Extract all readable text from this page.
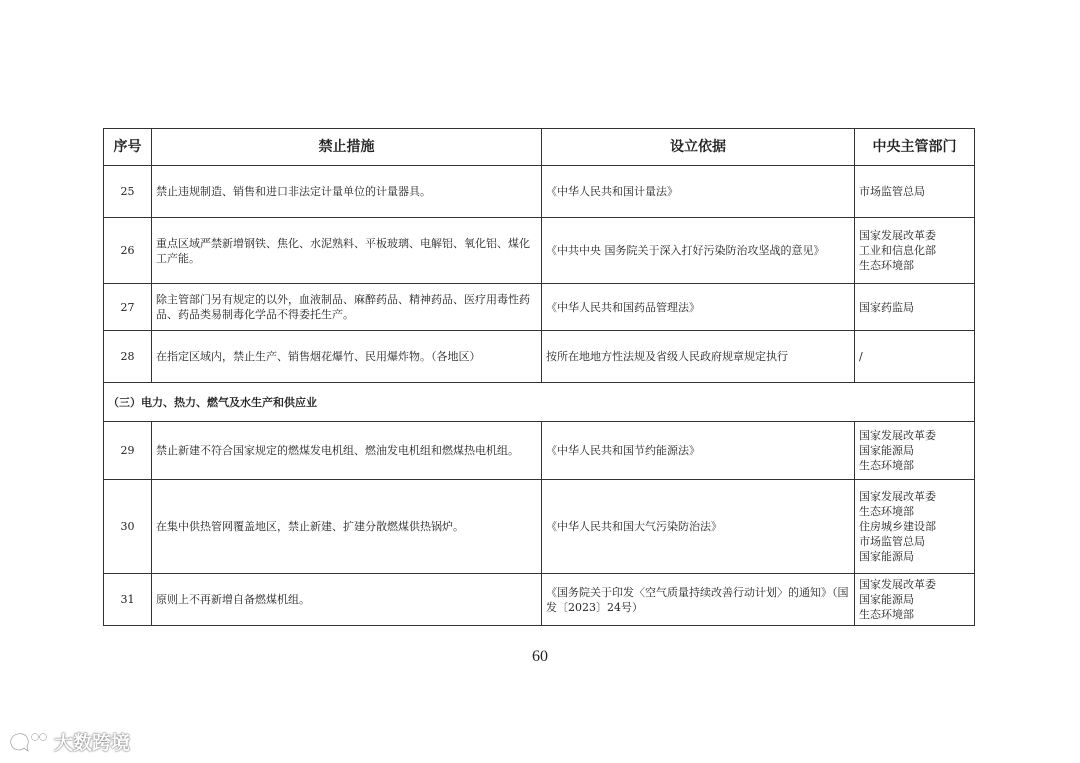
序号	禁止措施	设立依据	中央主管部门
25	禁止违规制造、销售和进口非法定计量单位的计量器具。	《中华人民共和国计量法》	市场监管总局

26	重点区域严禁新增钢铁、焦化、水泥熟料、平板玻璃、电解铝、氧化铝、煤化工产能。	《中共中央 国务院关于深入打好污染防治攻坚战的意见》	国家发展改革委
工业和信息化部
生态环境部

27	除主管部门另有规定的以外，血液制品、麻醉药品、精神药品、医疗用毒性药品、药品类易制毒化学品不得委托生产。	《中华人民共和国药品管理法》	国家药监局

28	在指定区域内，禁止生产、销售烟花爆竹、民用爆炸物。（各地区）	按所在地地方性法规及省级人民政府规章规定执行	/

（三）电力、热力、燃气及水生产和供应业			
29	禁止新建不符合国家规定的燃煤发电机组、燃油发电机组和燃煤热电机组。	《中华人民共和国节约能源法》	国家发展改革委
国家能源局
生态环境部

30	在集中供热管网覆盖地区，禁止新建、扩建分散燃煤供热锅炉。	《中华人民共和国大气污染防治法》	国家发展改革委
生态环境部
住房城乡建设部
市场监管总局
国家能源局

31	原则上不再新增自备燃煤机组。	《国务院关于印发〈空气质量持续改善行动计划〉的通知》（国发〔2023〕24号）	国家发展改革委
国家能源局
生态环境部
60
大数跨境
